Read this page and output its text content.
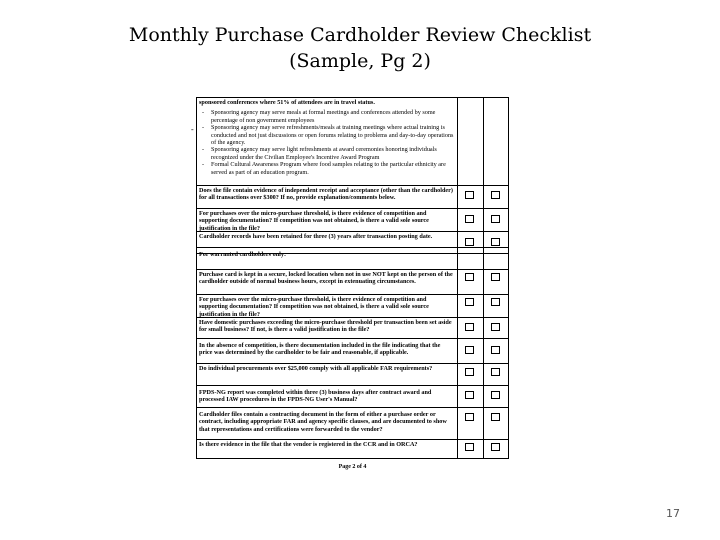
Monthly Purchase Cardholder Review Checklist
(Sample, Pg 2)
-

sponsored conferences where 51% of attendees are in travel status.

- Sponsoring agency may serve meals at formal meetings and conferences attended by some percentage of non government employees

- Sponsoring agency may serve refreshments/meals at training meetings where actual training is conducted and not just discussions or open forums relating to problems and day-to-day operations of the agency.

- Sponsoring agency may serve light refreshments at award ceremonies honoring individuals recognized under the Civilian Employee's Incentive Award Program

- Formal Cultural Awareness Program where food samples relating to the particular ethnicity are served as part of an education program.

Does the file contain evidence of independent receipt and acceptance (other than the cardholder) for all transactions over $300? If no, provide explanation/comments below.
For purchases over the micro-purchase threshold, is there evidence of competition and supporting documentation? If competition was not obtained, is there a valid sole source justification in the file?
Cardholder records have been retained for three (3) years after transaction posting date.
For warranted cardholders only:
Purchase card is kept in a secure, locked location when not in use NOT kept on the person of the cardholder outside of normal business hours, except in extenuating circumstances.
For purchases over the micro-purchase threshold, is there evidence of competition and supporting documentation? If competition was not obtained, is there a valid sole source justification in the file?
Have domestic purchases exceeding the micro-purchase threshold per transaction been set aside for small business? If not, is there a valid justification in the file?
In the absence of competition, is there documentation included in the file indicating that the price was determined by the cardholder to be fair and reasonable, if applicable.
Do individual procurements over $25,000 comply with all applicable FAR requirements?
FPDS-NG report was completed within three (3) business days after contract award and processed IAW procedures in the FPDS-NG User's Manual?
Cardholder files contain a contracting document in the form of either a purchase order or contract, including appropriate FAR and agency specific clauses, and are documented to show that representations and certifications were forwarded to the vendor?
Is there evidence in the file that the vendor is registered in the CCR and in ORCA?
Page 2 of 4
17
